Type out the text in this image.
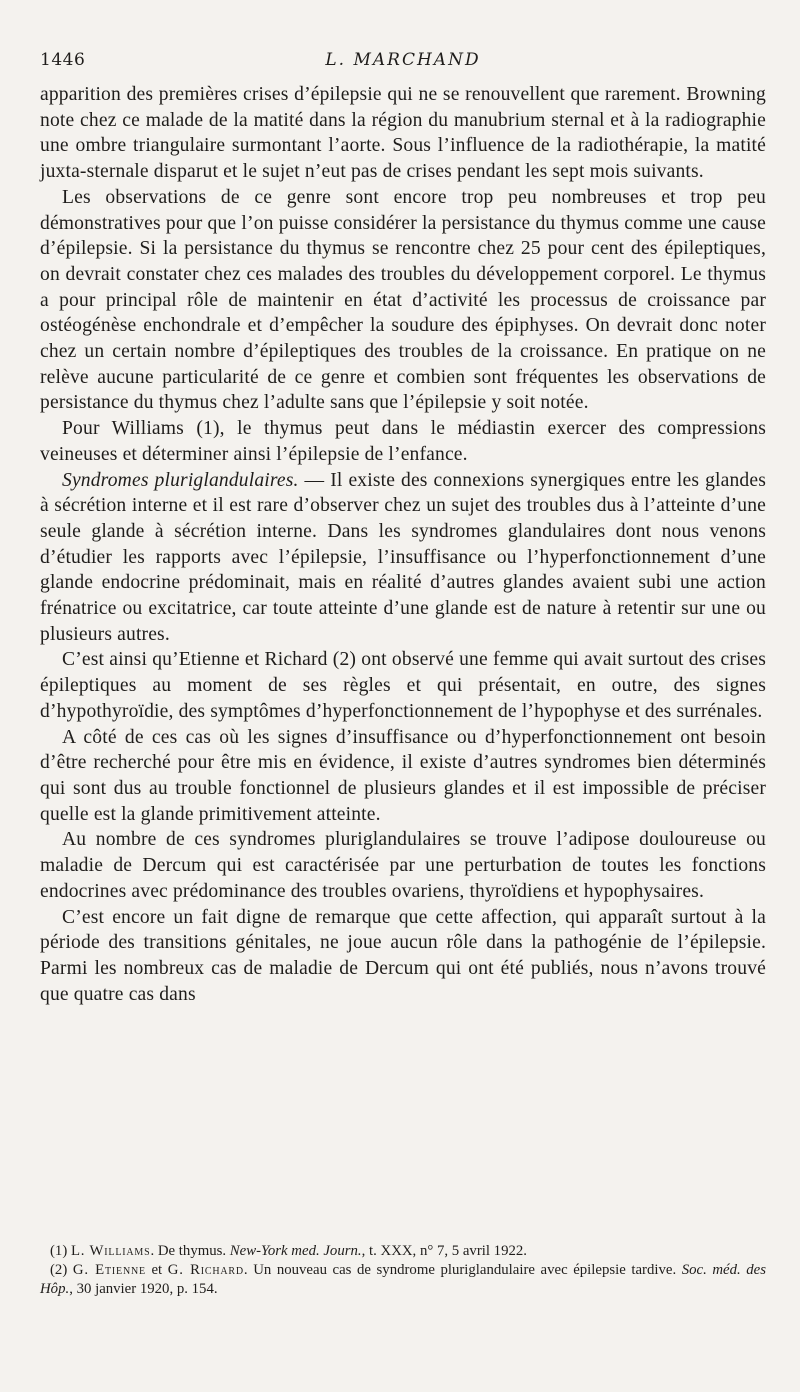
1446	L. MARCHAND

apparition des premières crises d’épilepsie qui ne se renouvellent que rarement. Browning note chez ce malade de la matité dans la région du manubrium sternal et à la radiographie une ombre triangulaire surmontant l’aorte. Sous l’influence de la radiothérapie, la matité juxta-sternale disparut et le sujet n’eut pas de crises pendant les sept mois suivants.

Les observations de ce genre sont encore trop peu nombreuses et trop peu démonstratives pour que l’on puisse considérer la persistance du thymus comme une cause d’épilepsie. Si la persistance du thymus se rencontre chez 25 pour cent des épileptiques, on devrait constater chez ces malades des troubles du développement corporel. Le thymus a pour principal rôle de maintenir en état d’activité les processus de croissance par ostéogénèse enchondrale et d’empêcher la soudure des épiphyses. On devrait donc noter chez un certain nombre d’épileptiques des troubles de la croissance. En pratique on ne relève aucune particularité de ce genre et combien sont fréquentes les observations de persistance du thymus chez l’adulte sans que l’épilepsie y soit notée.

Pour Williams (1), le thymus peut dans le médiastin exercer des compressions veineuses et déterminer ainsi l’épilepsie de l’enfance.

Syndromes pluriglandulaires. — Il existe des connexions synergiques entre les glandes à sécrétion interne et il est rare d’observer chez un sujet des troubles dus à l’atteinte d’une seule glande à sécrétion interne. Dans les syndromes glandulaires dont nous venons d’étudier les rapports avec l’épilepsie, l’insuffisance ou l’hyperfonctionnement d’une glande endocrine prédominait, mais en réalité d’autres glandes avaient subi une action frénatrice ou excitatrice, car toute atteinte d’une glande est de nature à retentir sur une ou plusieurs autres.

C’est ainsi qu’Etienne et Richard (2) ont observé une femme qui avait surtout des crises épileptiques au moment de ses règles et qui présentait, en outre, des signes d’hypothyroïdie, des symptômes d’hyperfonctionnement de l’hypophyse et des surrénales.

A côté de ces cas où les signes d’insuffisance ou d’hyperfonctionnement ont besoin d’être recherché pour être mis en évidence, il existe d’autres syndromes bien déterminés qui sont dus au trouble fonctionnel de plusieurs glandes et il est impossible de préciser quelle est la glande primitivement atteinte.

Au nombre de ces syndromes pluriglandulaires se trouve l’adipose douloureuse ou maladie de Dercum qui est caractérisée par une perturbation de toutes les fonctions endocrines avec prédominance des troubles ovariens, thyroïdiens et hypophysaires.

C’est encore un fait digne de remarque que cette affection, qui apparaît surtout à la période des transitions génitales, ne joue aucun rôle dans la pathogénie de l’épilepsie. Parmi les nombreux cas de maladie de Dercum qui ont été publiés, nous n’avons trouvé que quatre cas dans

(1) L. Williams. De thymus. New-York med. Journ., t. XXX, n° 7, 5 avril 1922.

(2) G. Etienne et G. Richard. Un nouveau cas de syndrome pluriglandulaire avec épilepsie tardive. Soc. méd. des Hôp., 30 janvier 1920, p. 154.
